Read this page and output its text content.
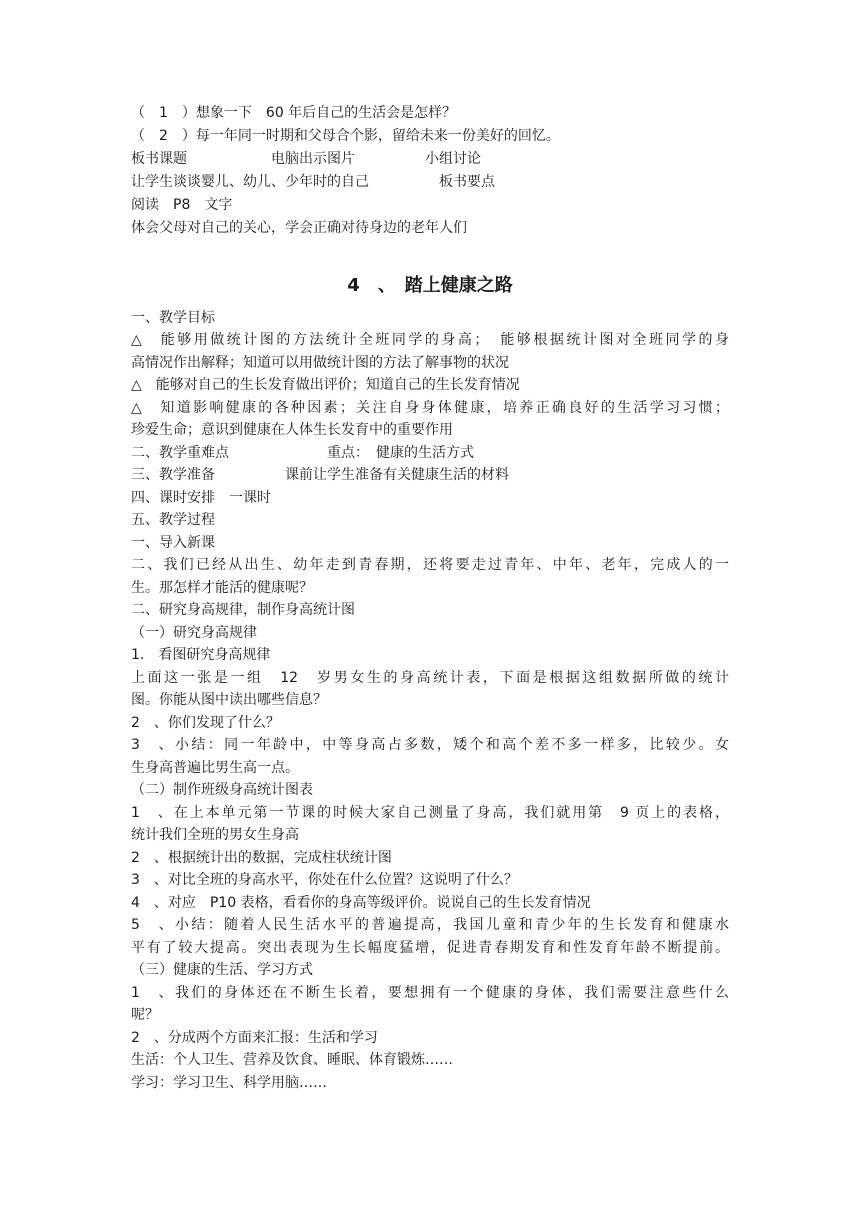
（　1　）想象一下　60 年后自己的生活会是怎样？
（　2　）每一年同一时期和父母合个影，留给未来一份美好的回忆。
板书课题　　　　　　电脑出示图片　　　　　小组讨论
让学生谈谈婴儿、幼儿、少年时的自己　　　　　板书要点
阅读　P8　文字
体会父母对自己的关心，学会正确对待身边的老年人们
4　、　踏上健康之路
一、教学目标
△　能够用做统计图的方法统计全班同学的身高；　能够根据统计图对全班同学的身
高情况作出解释；知道可以用做统计图的方法了解事物的状况
△　能够对自己的生长发育做出评价；知道自己的生长发育情况
△　知道影响健康的各种因素；关注自身身体健康，培养正确良好的生活学习习惯；
珍爱生命；意识到健康在人体生长发育中的重要作用
二、教学重难点　　　　　　　重点：　健康的生活方式
三、教学准备　　　　　课前让学生准备有关健康生活的材料
四、课时安排　一课时
五、教学过程
一、导入新课
二、我们已经从出生、幼年走到青春期，还将要走过青年、中年、老年，完成人的一
生。那怎样才能活的健康呢？
二、研究身高规律，制作身高统计图
（一）研究身高规律
1.　看图研究身高规律
上面这一张是一组　12　岁男女生的身高统计表，下面是根据这组数据所做的统计
图。你能从图中读出哪些信息？
2　、你们发现了什么？
3　、小结：同一年龄中，中等身高占多数，矮个和高个差不多一样多，比较少。女
生身高普遍比男生高一点。
（二）制作班级身高统计图表
1　、在上本单元第一节课的时候大家自己测量了身高，我们就用第　9 页上的表格，
统计我们全班的男女生身高
2　、根据统计出的数据，完成柱状统计图
3　、对比全班的身高水平，你处在什么位置？这说明了什么？
4　、对应　P10 表格，看看你的身高等级评价。说说自己的生长发育情况
5　、小结：随着人民生活水平的普遍提高，我国儿童和青少年的生长发育和健康水
平有了较大提高。突出表现为生长幅度猛增，促进青春期发育和性发育年龄不断提前。
（三）健康的生活、学习方式
1　、我们的身体还在不断生长着，要想拥有一个健康的身体，我们需要注意些什么
呢？
2　、分成两个方面来汇报：生活和学习
生活：个人卫生、营养及饮食、睡眠、体育锻炼……
学习：学习卫生、科学用脑……
